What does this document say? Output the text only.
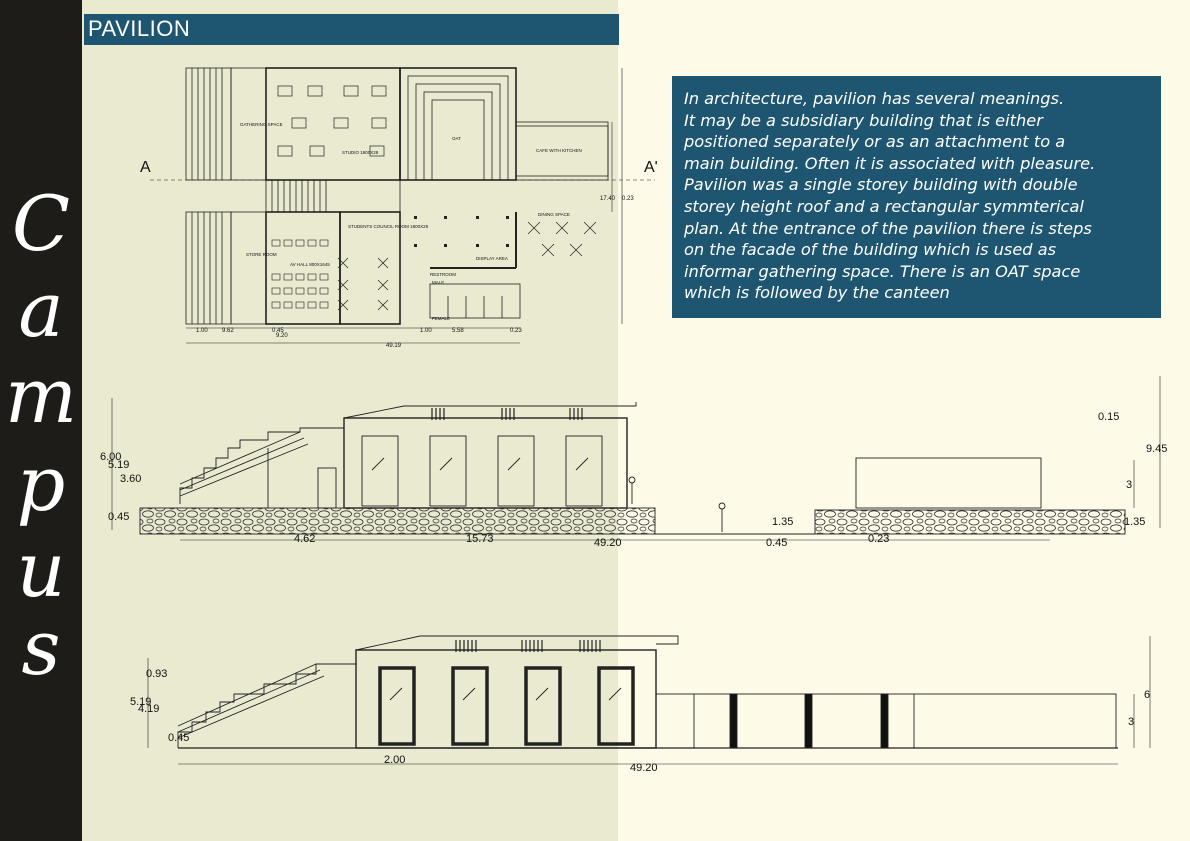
C
a
m
p
u
s
PAVILION

In architecture, pavilion has several meanings.
It may be a subsidiary building that is either
positioned separately or as an attachment to a
main building. Often it is associated with pleasure.
Pavilion was a single storey building with double
storey height roof and a rectangular symmterical
plan. At the entrance of the pavilion there is steps
on the facade of the building which is used as
informar gathering space. There is an OAT space
which is followed by the canteen

A	A'
GATHERING SPACE
STUDIO 1800X28
OAT
CAFE WITH KITCHEN
STORE ROOM
AV HALL 800X1645
STUDENTS COUNCIL ROOM 1800X28
DINING SPACE
DISPLAY AREA
RESTROOM
MALE
FEMALE
1.00 9.62	0.45
9.20
1.00	5.58	0.23
49.19
17.40 0.23
6.00
5.19
3.60
0.45
4.62	15.73	49.20	0.45	0.23
1.35	1.35
0.15
9.45
3
0.93
5.19
4.19
0.45
2.00
49.20
6
3
